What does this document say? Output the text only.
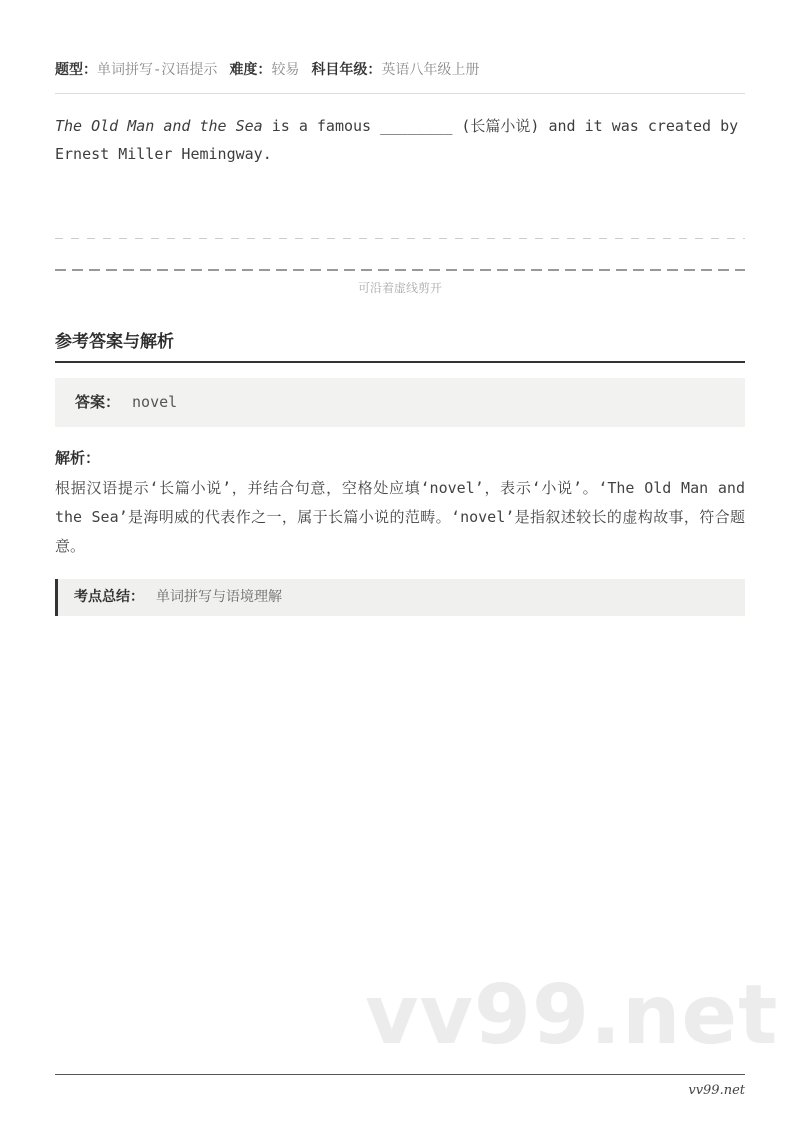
vv99.net
题型：单词拼写-汉语提示 难度：较易 科目年级：英语八年级上册

The Old Man and the Sea is a famous ________ (长篇小说) and it was created by Ernest Miller Hemingway.

可沿着虚线剪开
参考答案与解析
答案： novel
解析：

根据汉语提示‘长篇小说’，并结合句意，空格处应填‘novel’，表示‘小说’。‘The Old Man and the Sea’是海明威的代表作之一，属于长篇小说的范畴。‘novel’是指叙述较长的虚构故事，符合题意。

考点总结： 单词拼写与语境理解
vv99.net
